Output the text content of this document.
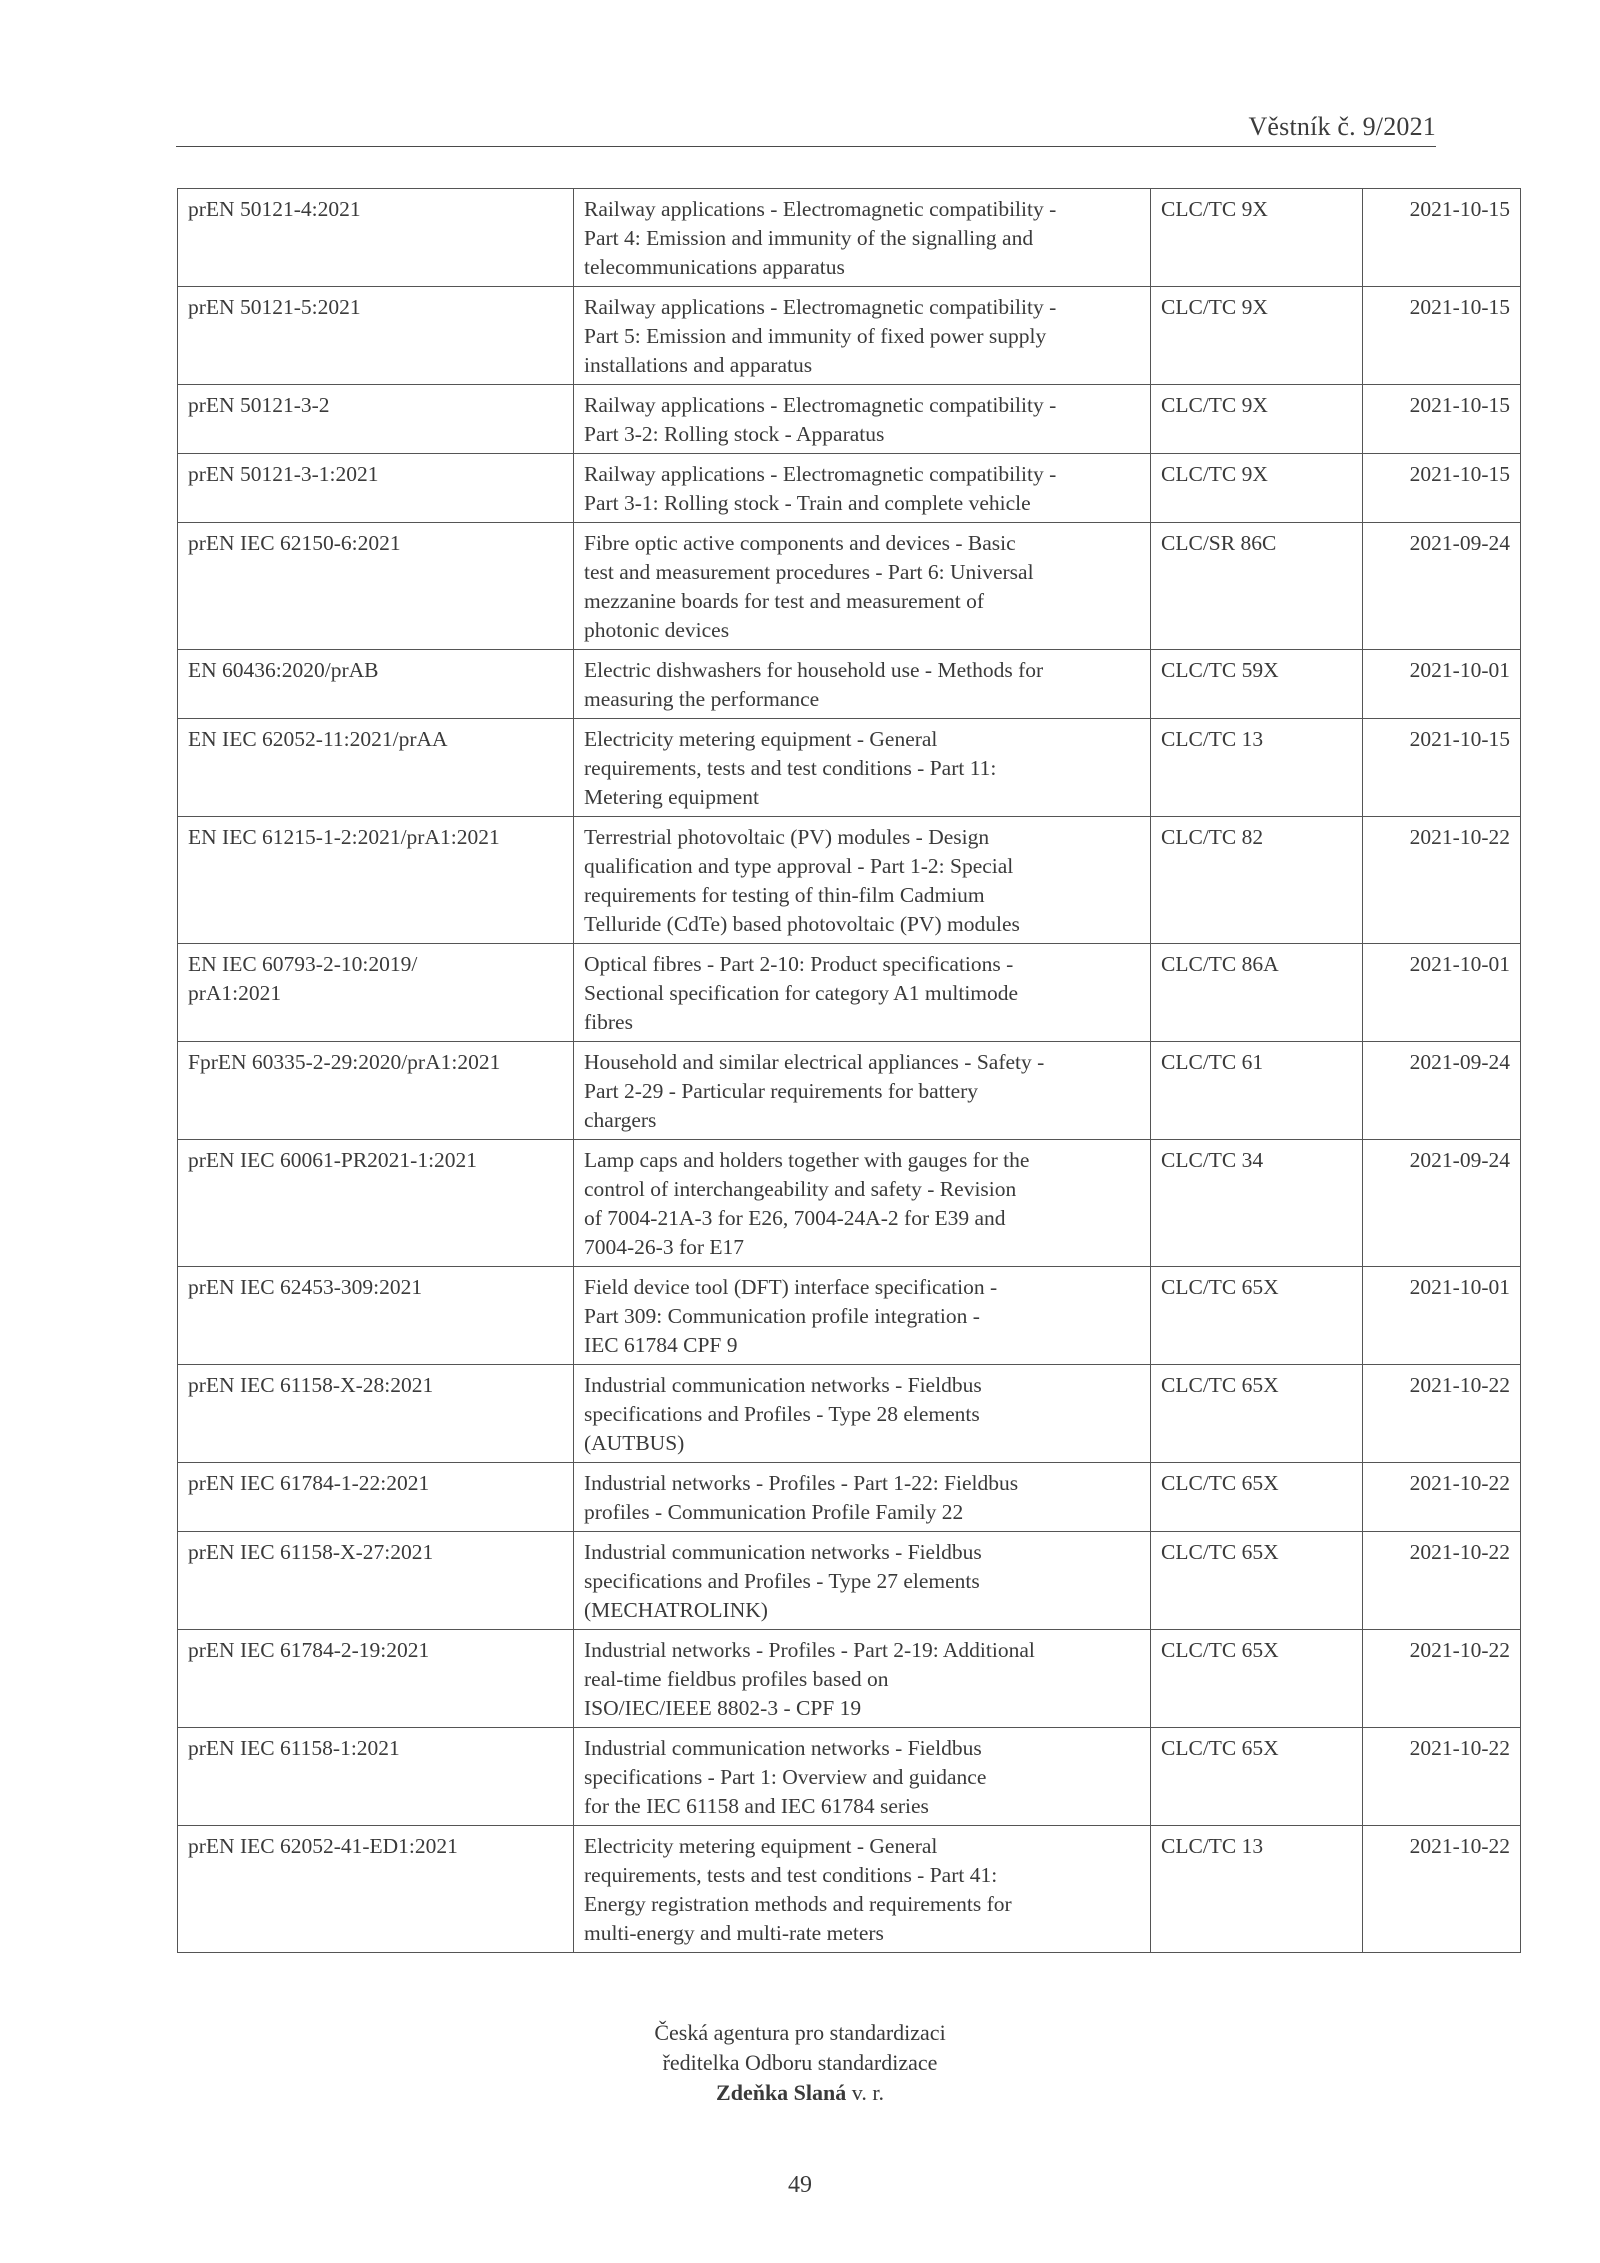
Věstník č. 9/2021
prEN 50121-4:2021	Railway applications - Electromagnetic compatibility -
Part 4: Emission and immunity of the signalling and
telecommunications apparatus	CLC/TC 9X	2021-10-15
prEN 50121-5:2021	Railway applications - Electromagnetic compatibility -
Part 5: Emission and immunity of fixed power supply
installations and apparatus	CLC/TC 9X	2021-10-15
prEN 50121-3-2	Railway applications - Electromagnetic compatibility -
Part 3-2: Rolling stock - Apparatus	CLC/TC 9X	2021-10-15
prEN 50121-3-1:2021	Railway applications - Electromagnetic compatibility -
Part 3-1: Rolling stock - Train and complete vehicle	CLC/TC 9X	2021-10-15
prEN IEC 62150-6:2021	Fibre optic active components and devices - Basic
test and measurement procedures - Part 6: Universal
mezzanine boards for test and measurement of
photonic devices	CLC/SR 86C	2021-09-24
EN 60436:2020/prAB	Electric dishwashers for household use - Methods for
measuring the performance	CLC/TC 59X	2021-10-01
EN IEC 62052-11:2021/prAA	Electricity metering equipment - General
requirements, tests and test conditions - Part 11:
Metering equipment	CLC/TC 13	2021-10-15
EN IEC 61215-1-2:2021/prA1:2021	Terrestrial photovoltaic (PV) modules - Design
qualification and type approval - Part 1-2: Special
requirements for testing of thin-film Cadmium
Telluride (CdTe) based photovoltaic (PV) modules	CLC/TC 82	2021-10-22
EN IEC 60793-2-10:2019/
prA1:2021	Optical fibres - Part 2-10: Product specifications -
Sectional specification for category A1 multimode
fibres	CLC/TC 86A	2021-10-01
FprEN 60335-2-29:2020/prA1:2021	Household and similar electrical appliances - Safety -
Part 2-29 - Particular requirements for battery
chargers	CLC/TC 61	2021-09-24
prEN IEC 60061-PR2021-1:2021	Lamp caps and holders together with gauges for the
control of interchangeability and safety - Revision
of 7004-21A-3 for E26, 7004-24A-2 for E39 and
7004-26-3 for E17	CLC/TC 34	2021-09-24
prEN IEC 62453-309:2021	Field device tool (DFT) interface specification -
Part 309: Communication profile integration -
IEC 61784 CPF 9	CLC/TC 65X	2021-10-01
prEN IEC 61158-X-28:2021	Industrial communication networks - Fieldbus
specifications and Profiles - Type 28 elements
(AUTBUS)	CLC/TC 65X	2021-10-22
prEN IEC 61784-1-22:2021	Industrial networks - Profiles - Part 1-22: Fieldbus
profiles - Communication Profile Family 22	CLC/TC 65X	2021-10-22
prEN IEC 61158-X-27:2021	Industrial communication networks - Fieldbus
specifications and Profiles - Type 27 elements
(MECHATROLINK)	CLC/TC 65X	2021-10-22
prEN IEC 61784-2-19:2021	Industrial networks - Profiles - Part 2-19: Additional
real-time fieldbus profiles based on
ISO/IEC/IEEE 8802-3 - CPF 19	CLC/TC 65X	2021-10-22
prEN IEC 61158-1:2021	Industrial communication networks - Fieldbus
specifications - Part 1: Overview and guidance
for the IEC 61158 and IEC 61784 series	CLC/TC 65X	2021-10-22
prEN IEC 62052-41-ED1:2021	Electricity metering equipment - General
requirements, tests and test conditions - Part 41:
Energy registration methods and requirements for
multi-energy and multi-rate meters	CLC/TC 13	2021-10-22
Česká agentura pro standardizaci
ředitelka Odboru standardizace
Zdeňka Slaná v. r.
49
